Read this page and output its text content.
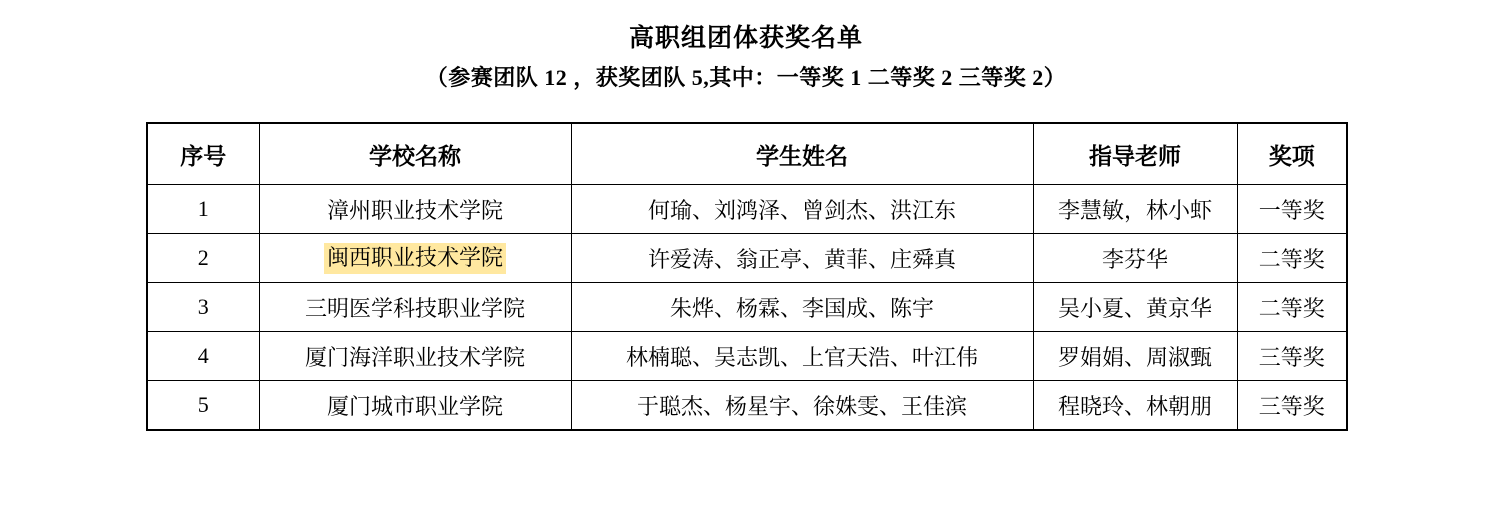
高职组团体获奖名单
（参赛团队 12 ，获奖团队 5,其中：一等奖 1 二等奖 2 三等奖 2）
序号	学校名称	学生姓名	指导老师	奖项
1	漳州职业技术学院	何瑜、刘鸿泽、曾剑杰、洪江东	李慧敏，林小虾	一等奖
2	闽西职业技术学院	许爱涛、翁正亭、黄菲、庄舜真	李芬华	二等奖
3	三明医学科技职业学院	朱烨、杨霖、李国成、陈宇	吴小夏、黄京华	二等奖
4	厦门海洋职业技术学院	林楠聪、吴志凯、上官天浩、叶江伟	罗娟娟、周淑甄	三等奖
5	厦门城市职业学院	于聪杰、杨星宇、徐姝雯、王佳滨	程晓玲、林朝朋	三等奖
